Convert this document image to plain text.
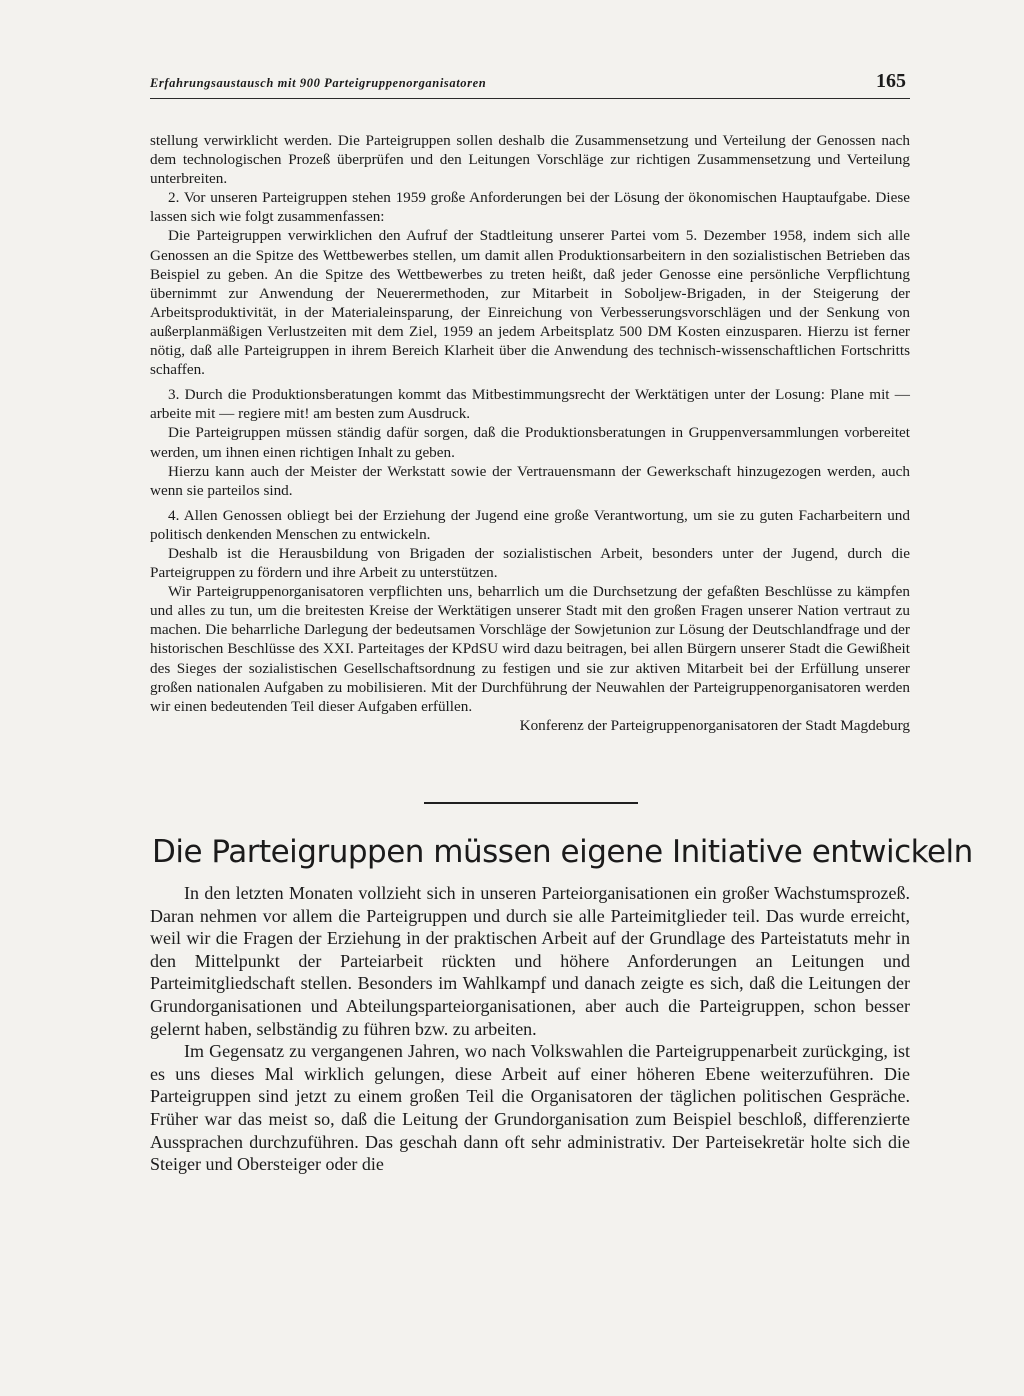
Erfahrungsaustausch mit 900 Parteigruppenorganisatoren	165

stellung verwirklicht werden. Die Parteigruppen sollen deshalb die Zusammensetzung und Verteilung der Genossen nach dem technologischen Prozeß überprüfen und den Leitungen Vorschläge zur richtigen Zusammensetzung und Verteilung unterbreiten.

2. Vor unseren Parteigruppen stehen 1959 große Anforderungen bei der Lösung der ökonomischen Hauptaufgabe. Diese lassen sich wie folgt zusammenfassen:

Die Parteigruppen verwirklichen den Aufruf der Stadtleitung unserer Partei vom 5. Dezember 1958, indem sich alle Genossen an die Spitze des Wettbewerbes stellen, um damit allen Produktionsarbeitern in den sozialistischen Betrieben das Beispiel zu geben. An die Spitze des Wettbewerbes zu treten heißt, daß jeder Genosse eine persönliche Verpflichtung übernimmt zur Anwendung der Neuerermethoden, zur Mitarbeit in Soboljew-Brigaden, in der Steigerung der Arbeitsproduktivität, in der Materialeinsparung, der Einreichung von Verbesserungsvorschlägen und der Senkung von außerplanmäßigen Verlustzeiten mit dem Ziel, 1959 an jedem Arbeitsplatz 500 DM Kosten einzusparen. Hierzu ist ferner nötig, daß alle Parteigruppen in ihrem Bereich Klarheit über die Anwendung des technisch-wissenschaftlichen Fortschritts schaffen.

3. Durch die Produktionsberatungen kommt das Mitbestimmungsrecht der Werktätigen unter der Losung: Plane mit — arbeite mit — regiere mit! am besten zum Ausdruck.

Die Parteigruppen müssen ständig dafür sorgen, daß die Produktionsberatungen in Gruppenversammlungen vorbereitet werden, um ihnen einen richtigen Inhalt zu geben.

Hierzu kann auch der Meister der Werkstatt sowie der Vertrauensmann der Gewerkschaft hinzugezogen werden, auch wenn sie parteilos sind.

4. Allen Genossen obliegt bei der Erziehung der Jugend eine große Verantwortung, um sie zu guten Facharbeitern und politisch denkenden Menschen zu entwickeln.

Deshalb ist die Herausbildung von Brigaden der sozialistischen Arbeit, besonders unter der Jugend, durch die Parteigruppen zu fördern und ihre Arbeit zu unterstützen.

Wir Parteigruppenorganisatoren verpflichten uns, beharrlich um die Durchsetzung der gefaßten Beschlüsse zu kämpfen und alles zu tun, um die breitesten Kreise der Werktätigen unserer Stadt mit den großen Fragen unserer Nation vertraut zu machen. Die beharrliche Darlegung der bedeutsamen Vorschläge der Sowjetunion zur Lösung der Deutschlandfrage und der historischen Beschlüsse des XXI. Parteitages der KPdSU wird dazu beitragen, bei allen Bürgern unserer Stadt die Gewißheit des Sieges der sozialistischen Gesellschaftsordnung zu festigen und sie zur aktiven Mitarbeit bei der Erfüllung unserer großen nationalen Aufgaben zu mobilisieren. Mit der Durchführung der Neuwahlen der Parteigruppenorganisatoren werden wir einen bedeutenden Teil dieser Aufgaben erfüllen.

Konferenz der Parteigruppenorganisatoren der Stadt Magdeburg

Die Parteigruppen müssen eigene Initiative entwickeln

In den letzten Monaten vollzieht sich in unseren Parteiorganisationen ein großer Wachstumsprozeß. Daran nehmen vor allem die Parteigruppen und durch sie alle Parteimitglieder teil. Das wurde erreicht, weil wir die Fragen der Erziehung in der praktischen Arbeit auf der Grundlage des Parteistatuts mehr in den Mittelpunkt der Parteiarbeit rückten und höhere Anforderungen an Leitungen und Parteimitgliedschaft stellen. Besonders im Wahlkampf und danach zeigte es sich, daß die Leitungen der Grundorganisationen und Abteilungsparteiorganisationen, aber auch die Parteigruppen, schon besser gelernt haben, selbständig zu führen bzw. zu arbeiten.

Im Gegensatz zu vergangenen Jahren, wo nach Volkswahlen die Parteigruppenarbeit zurückging, ist es uns dieses Mal wirklich gelungen, diese Arbeit auf einer höheren Ebene weiterzuführen. Die Parteigruppen sind jetzt zu einem großen Teil die Organisatoren der täglichen politischen Gespräche. Früher war das meist so, daß die Leitung der Grundorganisation zum Beispiel beschloß, differenzierte Aussprachen durchzuführen. Das geschah dann oft sehr administrativ. Der Parteisekretär holte sich die Steiger und Obersteiger oder die
